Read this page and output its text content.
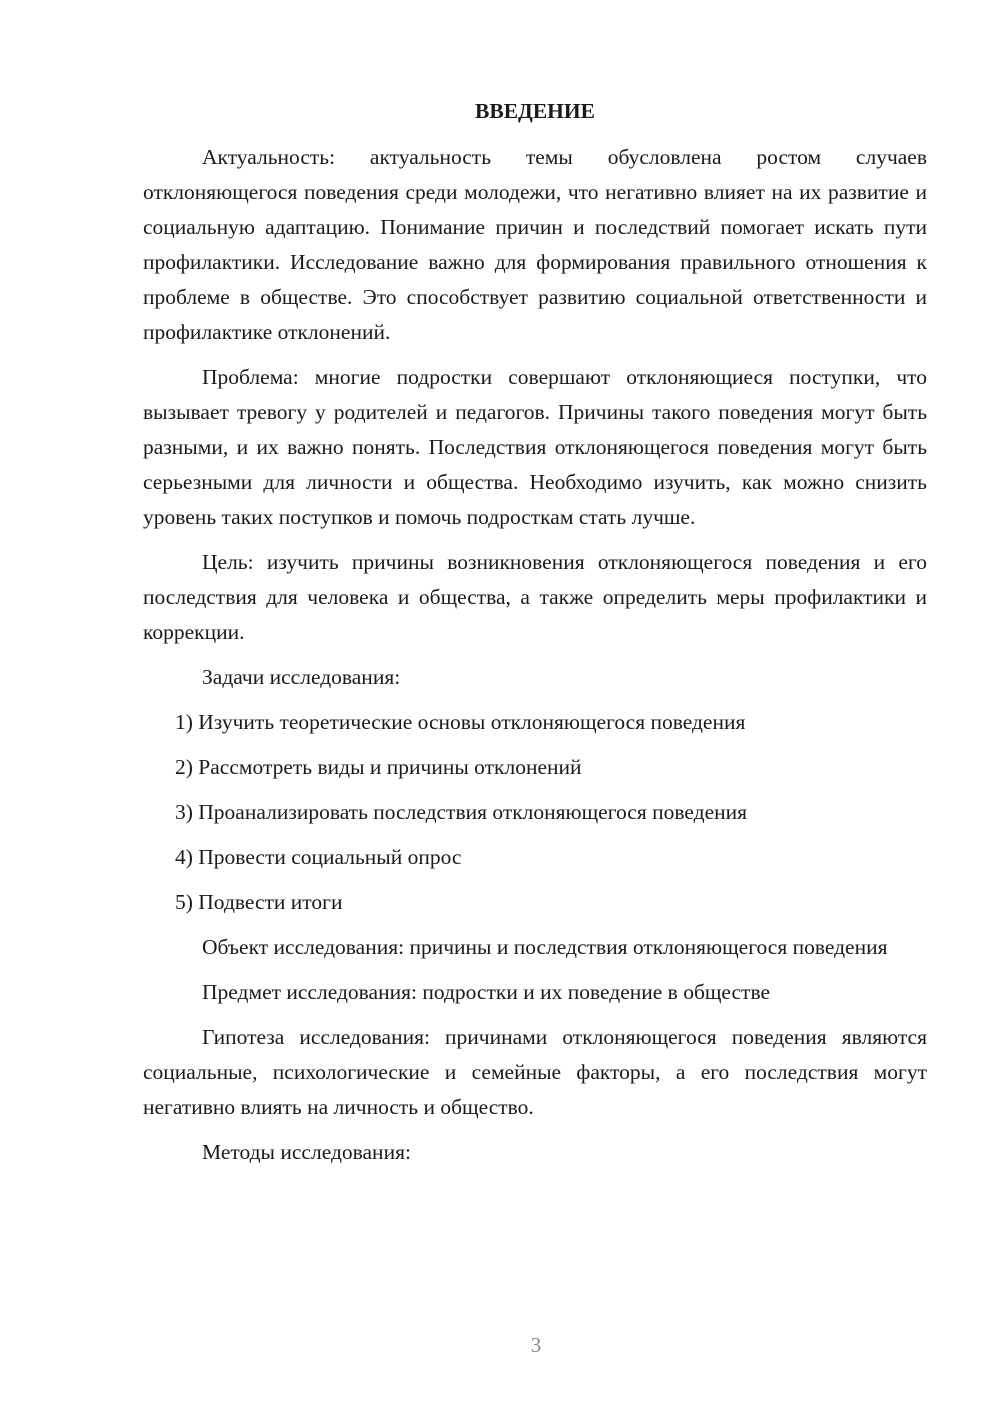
ВВЕДЕНИЕ

Актуальность: актуальность темы обусловлена ростом случаев отклоняющегося поведения среди молодежи, что негативно влияет на их развитие и социальную адаптацию. Понимание причин и последствий помогает искать пути профилактики. Исследование важно для формирования правильного отношения к проблеме в обществе. Это способствует развитию социальной ответственности и профилактике отклонений.

Проблема: многие подростки совершают отклоняющиеся поступки, что вызывает тревогу у родителей и педагогов. Причины такого поведения могут быть разными, и их важно понять. Последствия отклоняющегося поведения могут быть серьезными для личности и общества. Необходимо изучить, как можно снизить уровень таких поступков и помочь подросткам стать лучше.

Цель: изучить причины возникновения отклоняющегося поведения и его последствия для человека и общества, а также определить меры профилактики и коррекции.

Задачи исследования:

1) Изучить теоретические основы отклоняющегося поведения
2) Рассмотреть виды и причины отклонений
3) Проанализировать последствия отклоняющегося поведения
4) Провести социальный опрос
5) Подвести итоги

Объект исследования: причины и последствия отклоняющегося поведения

Предмет исследования: подростки и их поведение в обществе

Гипотеза исследования: причинами отклоняющегося поведения являются социальные, психологические и семейные факторы, а его последствия могут негативно влиять на личность и общество.

Методы исследования:

3
